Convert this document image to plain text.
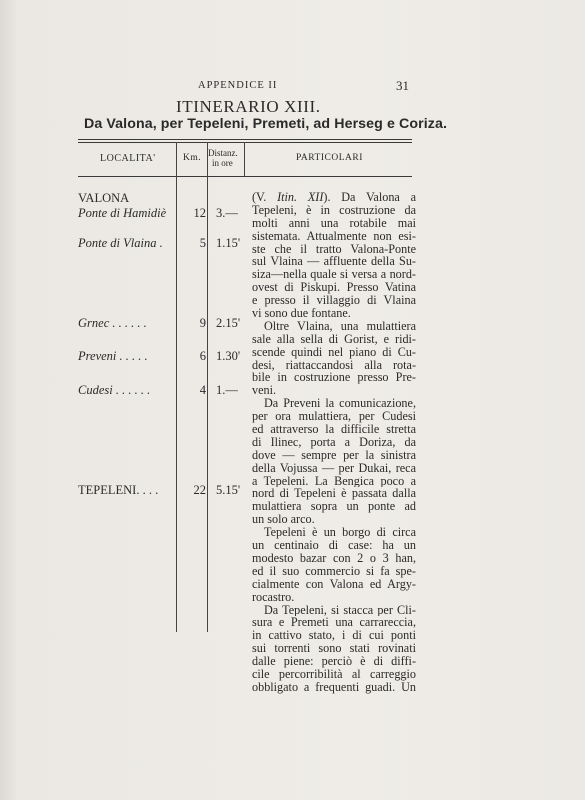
APPENDICE II	31
ITINERARIO XIII.
Da Valona, per Tepeleni, Premeti, ad Herseg e Coriza.
LOCALITA'	Km. Distanz.
in ore	PARTICOLARI
VALONA
Ponte di Hamidiè	12 3.—
Ponte di Vlaina .	5 1.15'
Grnec . . . . . .	9 2.15'
Preveni . . . . .	6 1.30'
Cudesi . . . . . .	4 1.—
TEPELENI. . . .	22 5.15'
(V. Itin. XII). Da Valona a
Tepeleni, è in costruzione da
molti anni una rotabile mai
sistemata. Attualmente non esi-
ste che il tratto Valona-Ponte
sul Vlaina — affluente della Su-
siza—nella quale si versa a nord-
ovest di Piskupi. Presso Vatina
e presso il villaggio di Vlaina
vi sono due fontane.
Oltre Vlaina, una mulattiera
sale alla sella di Gorist, e ridi-
scende quindi nel piano di Cu-
desi, riattaccandosi alla rota-
bile in costruzione presso Pre-
veni.
Da Preveni la comunicazione,
per ora mulattiera, per Cudesi
ed attraverso la difficile stretta
di Ilinec, porta a Doriza, da
dove — sempre per la sinistra
della Vojussa — per Dukai, reca
a Tepeleni. La Bengica poco a
nord di Tepeleni è passata dalla
mulattiera sopra un ponte ad
un solo arco.
Tepeleni è un borgo di circa
un centinaio di case: ha un
modesto bazar con 2 o 3 han,
ed il suo commercio si fa spe-
cialmente con Valona ed Argy-
rocastro.
Da Tepeleni, si stacca per Cli-
sura e Premeti una carrareccia,
in cattivo stato, i di cui ponti
sui torrenti sono stati rovinati
dalle piene: perciò è di diffi-
cile percorribilità al carreggio
obbligato a frequenti guadi. Un
